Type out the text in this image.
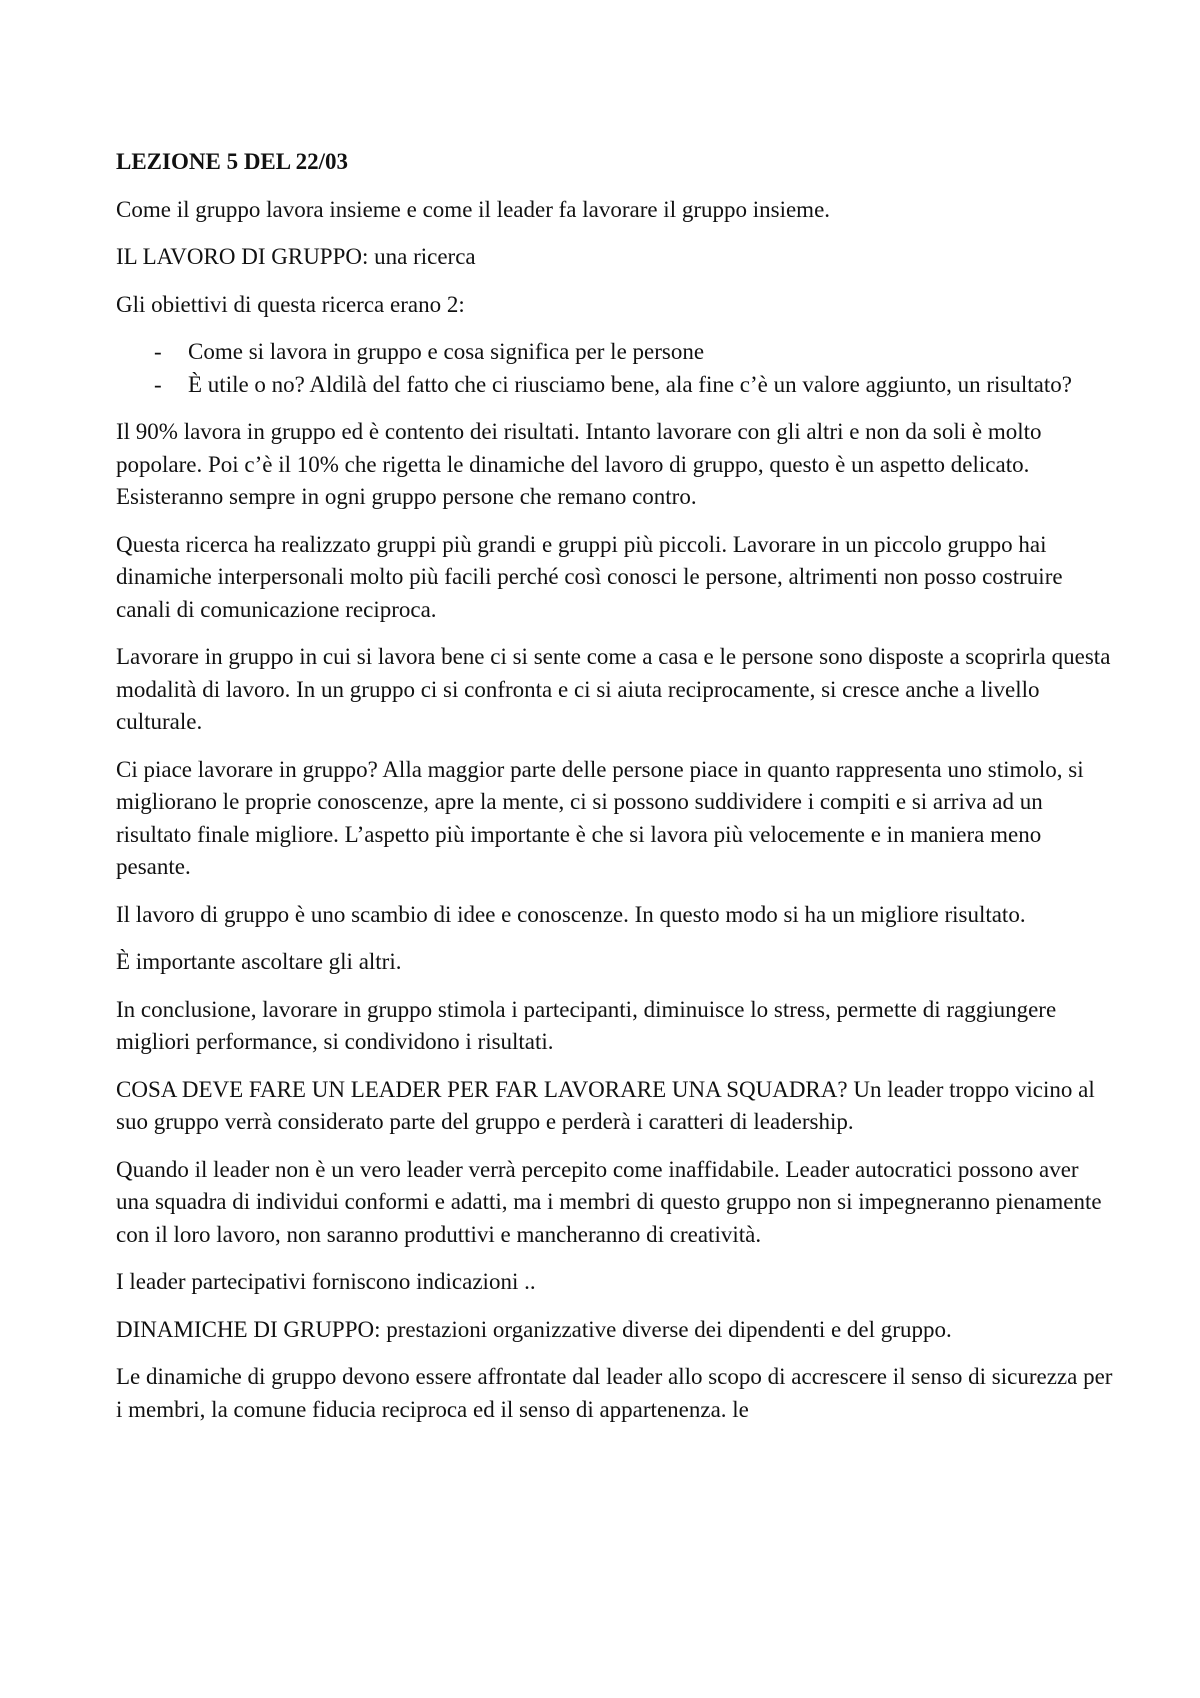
LEZIONE 5 DEL 22/03

Come il gruppo lavora insieme e come il leader fa lavorare il gruppo insieme.

IL LAVORO DI GRUPPO: una ricerca

Gli obiettivi di questa ricerca erano 2:

- Come si lavora in gruppo e cosa significa per le persone
- È utile o no? Aldilà del fatto che ci riusciamo bene, ala fine c’è un valore aggiunto, un risultato?

Il 90% lavora in gruppo ed è contento dei risultati. Intanto lavorare con gli altri e non da soli è molto popolare. Poi c’è il 10% che rigetta le dinamiche del lavoro di gruppo, questo è un aspetto delicato. Esisteranno sempre in ogni gruppo persone che remano contro.

Questa ricerca ha realizzato gruppi più grandi e gruppi più piccoli. Lavorare in un piccolo gruppo hai dinamiche interpersonali molto più facili perché così conosci le persone, altrimenti non posso costruire canali di comunicazione reciproca.

Lavorare in gruppo in cui si lavora bene ci si sente come a casa e le persone sono disposte a scoprirla questa modalità di lavoro. In un gruppo ci si confronta e ci si aiuta reciprocamente, si cresce anche a livello culturale.

Ci piace lavorare in gruppo? Alla maggior parte delle persone piace in quanto rappresenta uno stimolo, si migliorano le proprie conoscenze, apre la mente, ci si possono suddividere i compiti e si arriva ad un risultato finale migliore. L’aspetto più importante è che si lavora più velocemente e in maniera meno pesante.

Il lavoro di gruppo è uno scambio di idee e conoscenze. In questo modo si ha un migliore risultato.

È importante ascoltare gli altri.

In conclusione, lavorare in gruppo stimola i partecipanti, diminuisce lo stress, permette di raggiungere migliori performance, si condividono i risultati.

COSA DEVE FARE UN LEADER PER FAR LAVORARE UNA SQUADRA? Un leader troppo vicino al suo gruppo verrà considerato parte del gruppo e perderà i caratteri di leadership.

Quando il leader non è un vero leader verrà percepito come inaffidabile. Leader autocratici possono aver una squadra di individui conformi e adatti, ma i membri di questo gruppo non si impegneranno pienamente con il loro lavoro, non saranno produttivi e mancheranno di creatività.

I leader partecipativi forniscono indicazioni ..

DINAMICHE DI GRUPPO: prestazioni organizzative diverse dei dipendenti e del gruppo.

Le dinamiche di gruppo devono essere affrontate dal leader allo scopo di accrescere il senso di sicurezza per i membri, la comune fiducia reciproca ed il senso di appartenenza. le
